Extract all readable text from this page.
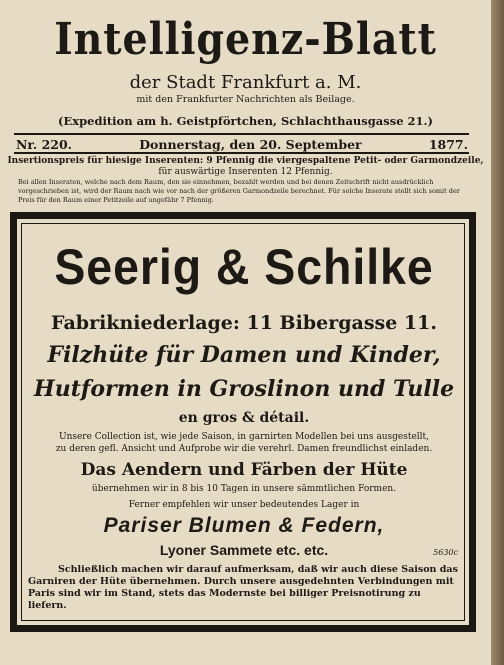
Intelligenz-Blatt
der Stadt Frankfurt a. M.
mit den Frankfurter Nachrichten als Beilage.
(Expedition am h. Geistpförtchen, Schlachthausgasse 21.)
Nr. 220.	Donnerstag, den 20. September	1877.
Insertionspreis für hiesige Inserenten: 9 Pfennig die viergespaltene Petit- oder Garmondzeile,
für auswärtige Inserenten 12 Pfennig.
Bei allen Inseraten, welche nach dem Raum, den sie einnehmen, bezahlt werden und bei denen Zeitschrift nicht ausdrücklich vorgeschrieben ist, wird der Raum nach wie vor nach der größeren Garmondzeile berechnet. Für solche Inserate stellt sich somit der Preis für den Raum einer Petitzeile auf ungefähr 7 Pfennig.
Seerig & Schilke
Fabrikniederlage: 11 Bibergasse 11.
Filzhüte für Damen und Kinder,
Hutformen in Groslinon und Tulle
en gros & détail.
Unsere Collection ist, wie jede Saison, in garnirten Modellen bei uns ausgestellt,
zu deren gefl. Ansicht und Aufprobe wir die verehrl. Damen freundlichst einladen.
Das Aendern und Färben der Hüte
übernehmen wir in 8 bis 10 Tagen in unsere sämmtlichen Formen.
Ferner empfehlen wir unser bedeutendes Lager in
Pariser Blumen & Federn,
Lyoner Sammete etc. etc.	5630c
Schließlich machen wir darauf aufmerksam, daß wir auch diese Saison das Garniren der Hüte übernehmen. Durch unsere ausgedehnten Verbindungen mit Paris sind wir im Stand, stets das Modernste bei billiger Preisnotirung zu liefern.
